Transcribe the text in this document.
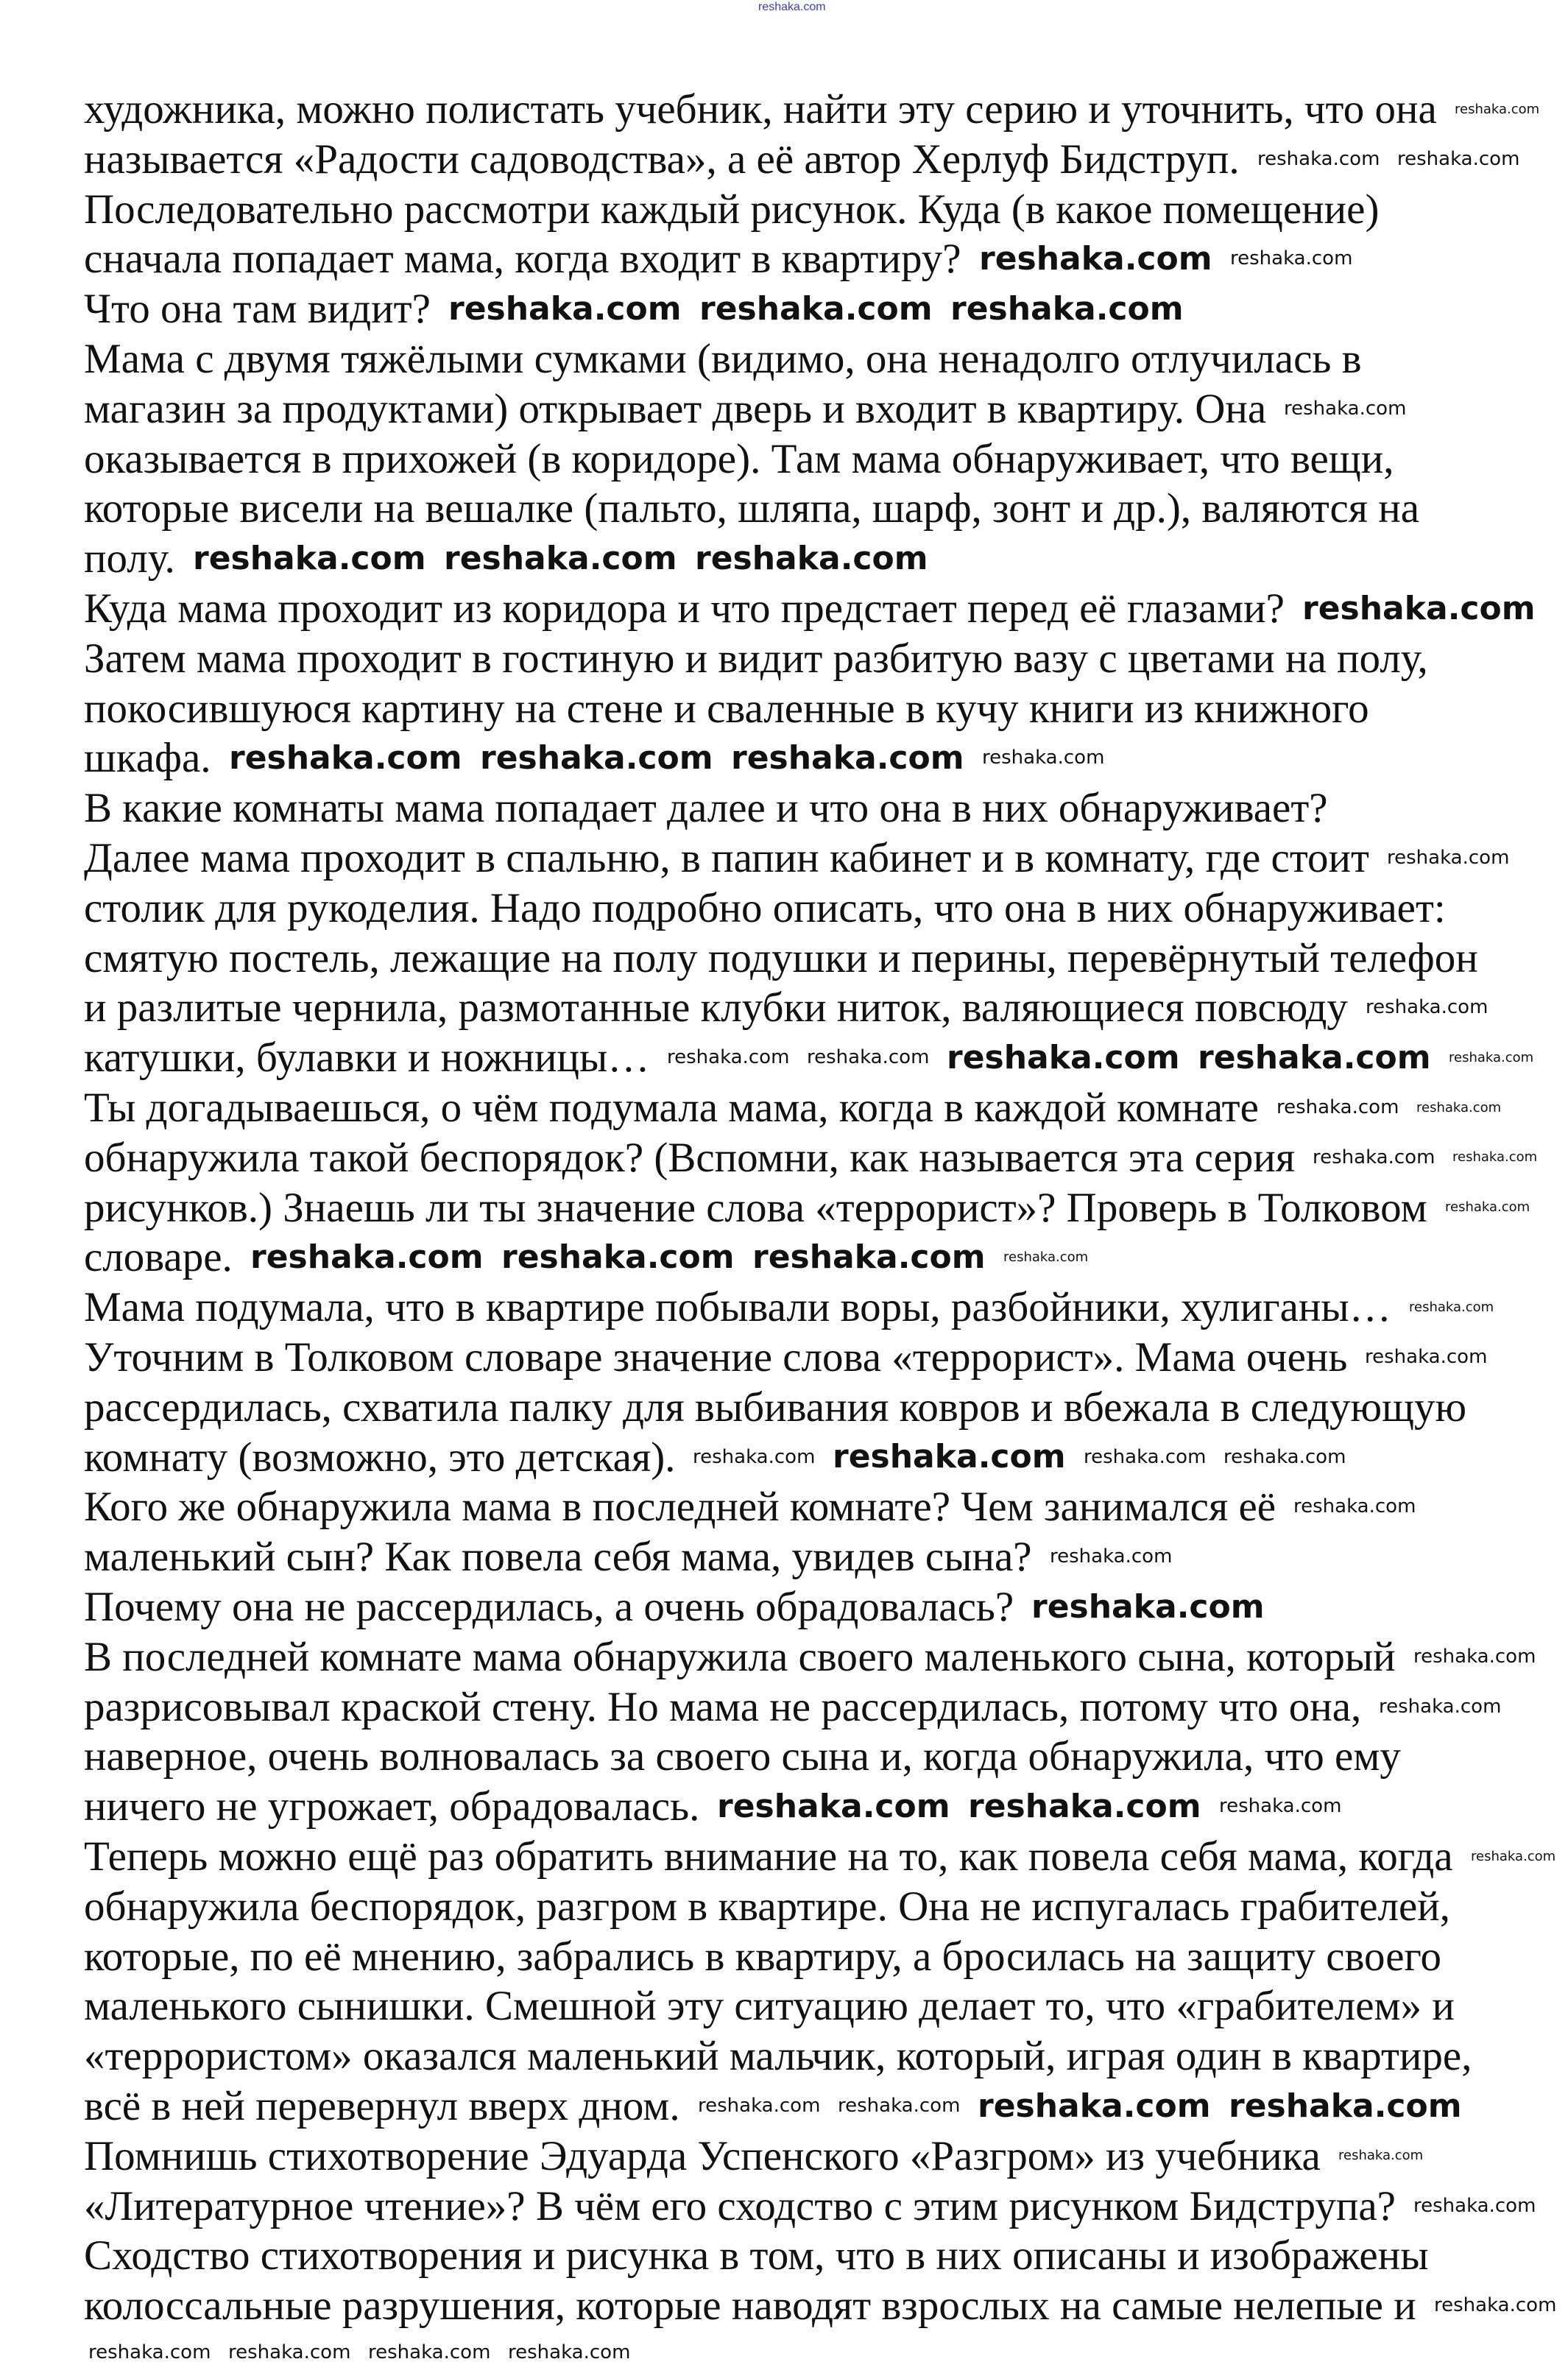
reshaka.com
художника, можно полистать учебник, найти эту серию и уточнить, что она
называется «Радости садоводства», а её автор Херлуф Бидструп.
Последовательно рассмотри каждый рисунок. Куда (в какое помещение)
сначала попадает мама, когда входит в квартиру?
Что она там видит?
Мама с двумя тяжёлыми сумками (видимо, она ненадолго отлучилась в
магазин за продуктами) открывает дверь и входит в квартиру. Она
оказывается в прихожей (в коридоре). Там мама обнаруживает, что вещи,
которые висели на вешалке (пальто, шляпа, шарф, зонт и др.), валяются на
полу.
Куда мама проходит из коридора и что предстает перед её глазами?
Затем мама проходит в гостиную и видит разбитую вазу с цветами на полу,
покосившуюся картину на стене и сваленные в кучу книги из книжного
шкафа.
В какие комнаты мама попадает далее и что она в них обнаруживает?
Далее мама проходит в спальню, в папин кабинет и в комнату, где стоит
столик для рукоделия. Надо подробно описать, что она в них обнаруживает:
смятую постель, лежащие на полу подушки и перины, перевёрнутый телефон
и разлитые чернила, размотанные клубки ниток, валяющиеся повсюду
катушки, булавки и ножницы…
Ты догадываешься, о чём подумала мама, когда в каждой комнате
обнаружила такой беспорядок? (Вспомни, как называется эта серия
рисунков.) Знаешь ли ты значение слова «террорист»? Проверь в Толковом
словаре.
Мама подумала, что в квартире побывали воры, разбойники, хулиганы…
Уточним в Толковом словаре значение слова «террорист». Мама очень
рассердилась, схватила палку для выбивания ковров и вбежала в следующую
комнату (возможно, это детская).
Кого же обнаружила мама в последней комнате? Чем занимался её
маленький сын? Как повела себя мама, увидев сына?
Почему она не рассердилась, а очень обрадовалась?
В последней комнате мама обнаружила своего маленького сына, который
разрисовывал краской стену. Но мама не рассердилась, потому что она,
наверное, очень волновалась за своего сына и, когда обнаружила, что ему
ничего не угрожает, обрадовалась.
Теперь можно ещё раз обратить внимание на то, как повела себя мама, когда
обнаружила беспорядок, разгром в квартире. Она не испугалась грабителей,
которые, по её мнению, забрались в квартиру, а бросилась на защиту своего
маленького сынишки. Смешной эту ситуацию делает то, что «грабителем» и
«террористом» оказался маленький мальчик, который, играя один в квартире,
всё в ней перевернул вверх дном.
Помнишь стихотворение Эдуарда Успенского «Разгром» из учебника
«Литературное чтение»? В чём его сходство с этим рисунком Бидструпа?
Сходство стихотворения и рисунка в том, что в них описаны и изображены
колоссальные разрушения, которые наводят взрослых на самые нелепые и
reshaka.com reshaka.com
reshaka.com
reshaka.com reshaka.com
reshaka.com reshaka.com reshaka.com
reshaka.com
reshaka.com
reshaka.com reshaka.com reshaka.com
reshaka.com reshaka.com reshaka.com reshaka.com
reshaka.com
reshaka.com
reshaka.com reshaka.com reshaka.com reshaka.com reshaka.com
reshaka.com reshaka.com
reshaka.com reshaka.com
reshaka.com reshaka.com
reshaka.com
reshaka.com reshaka.com
reshaka.com
reshaka.com
reshaka.com reshaka.com reshaka.com reshaka.com
reshaka.com
reshaka.com
reshaka.com
reshaka.com
reshaka.com
reshaka.com reshaka.com reshaka.com
reshaka.com
reshaka.com reshaka.com reshaka.com reshaka.com
reshaka.com
reshaka.com
reshaka.com
reshaka.com reshaka.com reshaka.com reshaka.com
